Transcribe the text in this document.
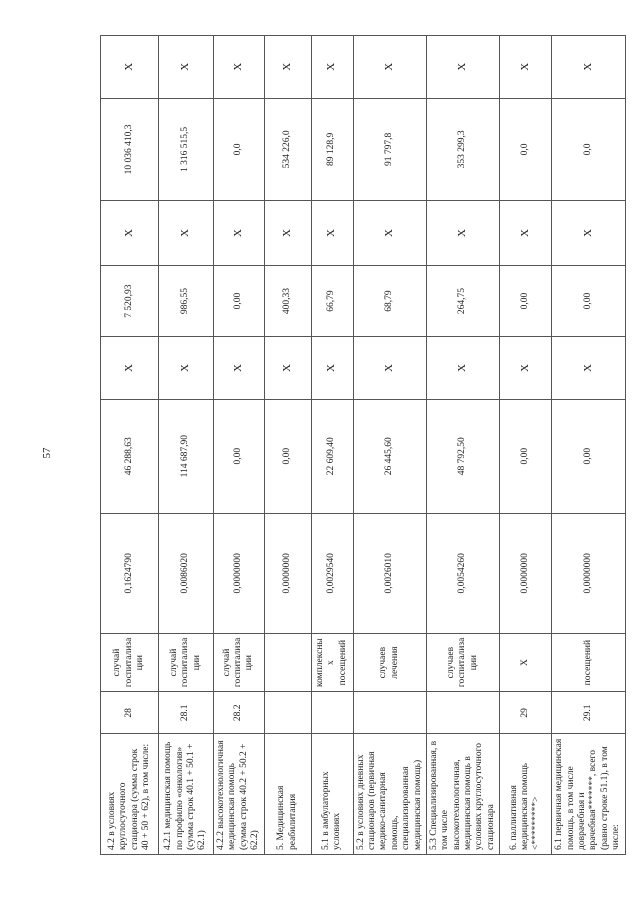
57
4.2 в условиях круглосуточного стационара (сумма строк 40 + 50 + 62), в том числе:	28	случай госпитализа ции	0,1624790	46 288,63	X	7 520,93	X	10 036 410,3	X
4.2.1 медицинская помощь по профилю «онкология» (сумма строк 40.1 + 50.1 + 62.1)	28.1	случай госпитализа ции	0,0086020	114 687,90	X	986,55	X	1 316 515,5	X
4.2.2 высокотехнологичная медицинская помощь (сумма строк 40.2 + 50.2 + 62.2)	28.2	случай госпитализа ции	0,0000000	0,00	X	0,00	X	0,0	X
5. Медицинская реабилитация			0,0000000	0,00	X	400,33	X	534 226,0	X
5.1 в амбулаторных условиях		комплексны х посещений	0,0029540	22 609,40	X	66,79	X	89 128,9	X
5.2 в условиях дневных стационаров (первичная медико-санитарная помощь, специализированная медицинская помощь)		случаев лечения	0,0026010	26 445,60	X	68,79	X	91 797,8	X
5.3 Специализированная, в том числе высокотехнологичная, медицинская помощь в условиях круглосуточного стационара		случаев госпитализа ции	0,0054260	48 792,50	X	264,75	X	353 299,3	X
6. паллиативная медицинская помощь <*********>	29	X	0,0000000	0,00	X	0,00	X	0,0	X
6.1 первичная медицинская помощь, в том числе доврачебная и врачебная*******, всего (равно строке 51.1), в том числе:	29.1	посещений	0,0000000	0,00	X	0,00	X	0,0	X
